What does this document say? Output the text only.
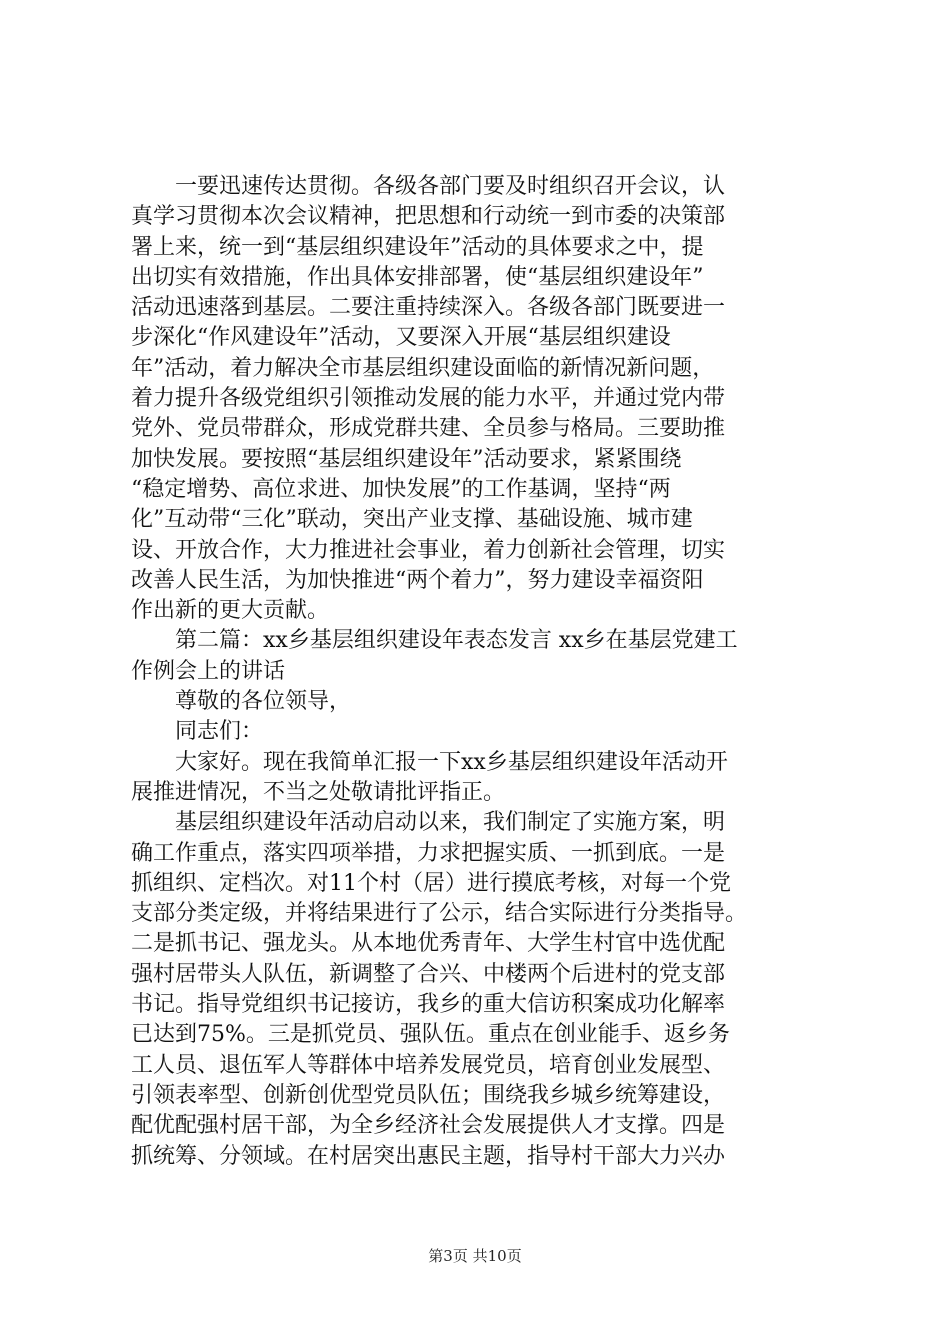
一要迅速传达贯彻。各级各部门要及时组织召开会议，认
真学习贯彻本次会议精神，把思想和行动统一到市委的决策部
署上来，统一到“基层组织建设年”活动的具体要求之中，提
出切实有效措施，作出具体安排部署，使“基层组织建设年”
活动迅速落到基层。二要注重持续深入。各级各部门既要进一
步深化“作风建设年”活动，又要深入开展“基层组织建设
年”活动，着力解决全市基层组织建设面临的新情况新问题，
着力提升各级党组织引领推动发展的能力水平，并通过党内带
党外、党员带群众，形成党群共建、全员参与格局。三要助推
加快发展。要按照“基层组织建设年”活动要求，紧紧围绕
“稳定增势、高位求进、加快发展”的工作基调，坚持“两
化”互动带“三化”联动，突出产业支撑、基础设施、城市建
设、开放合作，大力推进社会事业，着力创新社会管理，切实
改善人民生活，为加快推进“两个着力”，努力建设幸福资阳
作出新的更大贡献。

第二篇：xx乡基层组织建设年表态发言 xx乡在基层党建工
作例会上的讲话

尊敬的各位领导，

同志们：

大家好。现在我简单汇报一下xx乡基层组织建设年活动开
展推进情况，不当之处敬请批评指正。

基层组织建设年活动启动以来，我们制定了实施方案，明
确工作重点，落实四项举措，力求把握实质、一抓到底。一是
抓组织、定档次。对11个村（居）进行摸底考核，对每一个党
支部分类定级，并将结果进行了公示，结合实际进行分类指导。
二是抓书记、强龙头。从本地优秀青年、大学生村官中选优配
强村居带头人队伍，新调整了合兴、中楼两个后进村的党支部
书记。指导党组织书记接访，我乡的重大信访积案成功化解率
已达到75%。三是抓党员、强队伍。重点在创业能手、返乡务
工人员、退伍军人等群体中培养发展党员，培育创业发展型、
引领表率型、创新创优型党员队伍；围绕我乡城乡统筹建设，
配优配强村居干部，为全乡经济社会发展提供人才支撑。四是
抓统筹、分领域。在村居突出惠民主题，指导村干部大力兴办

第3页 共10页
